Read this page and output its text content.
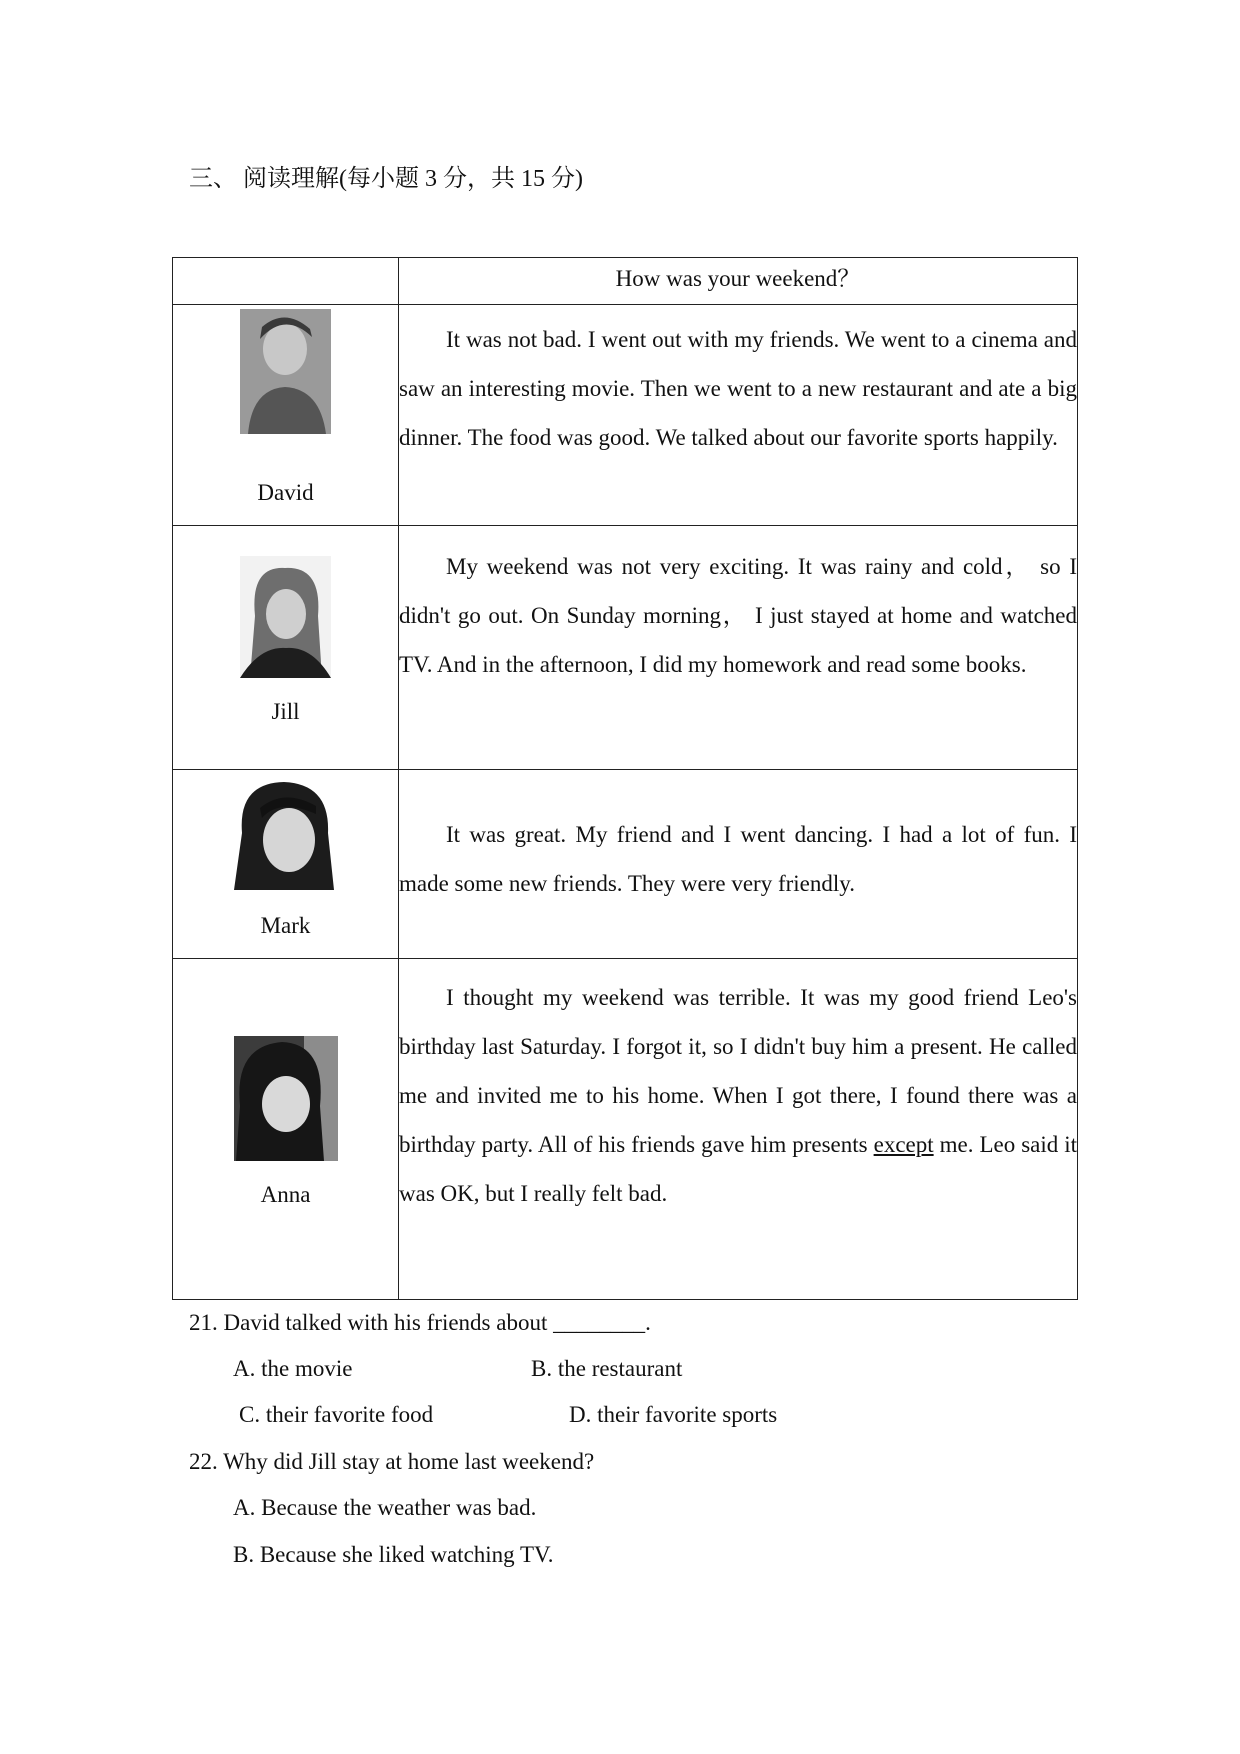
三、 阅读理解(每小题 3 分，共 15 分)

	How was your weekend？

David	It was not bad. I went out with my friends. We went to a cinema and saw an interesting movie. Then we went to a new restaurant and ate a big dinner. The food was good. We talked about our favorite sports happily.

Jill	My weekend was not very exciting. It was rainy and cold， so I didn't go out. On Sunday morning， I just stayed at home and watched TV. And in the afternoon, I did my homework and read some books.

Mark	It was great. My friend and I went dancing. I had a lot of fun. I made some new friends. They were very friendly.

Anna	I thought my weekend was terrible. It was my good friend Leo's birthday last Saturday. I forgot it, so I didn't buy him a present. He called me and invited me to his home. When I got there, I found there was a birthday party. All of his friends gave him presents except me. Leo said it was OK, but I really felt bad.

21. David talked with his friends about ________.
A. the movie	B. the restaurant
C. their favorite food	D. their favorite sports
22. Why did Jill stay at home last weekend?
A. Because the weather was bad.
B. Because she liked watching TV.
